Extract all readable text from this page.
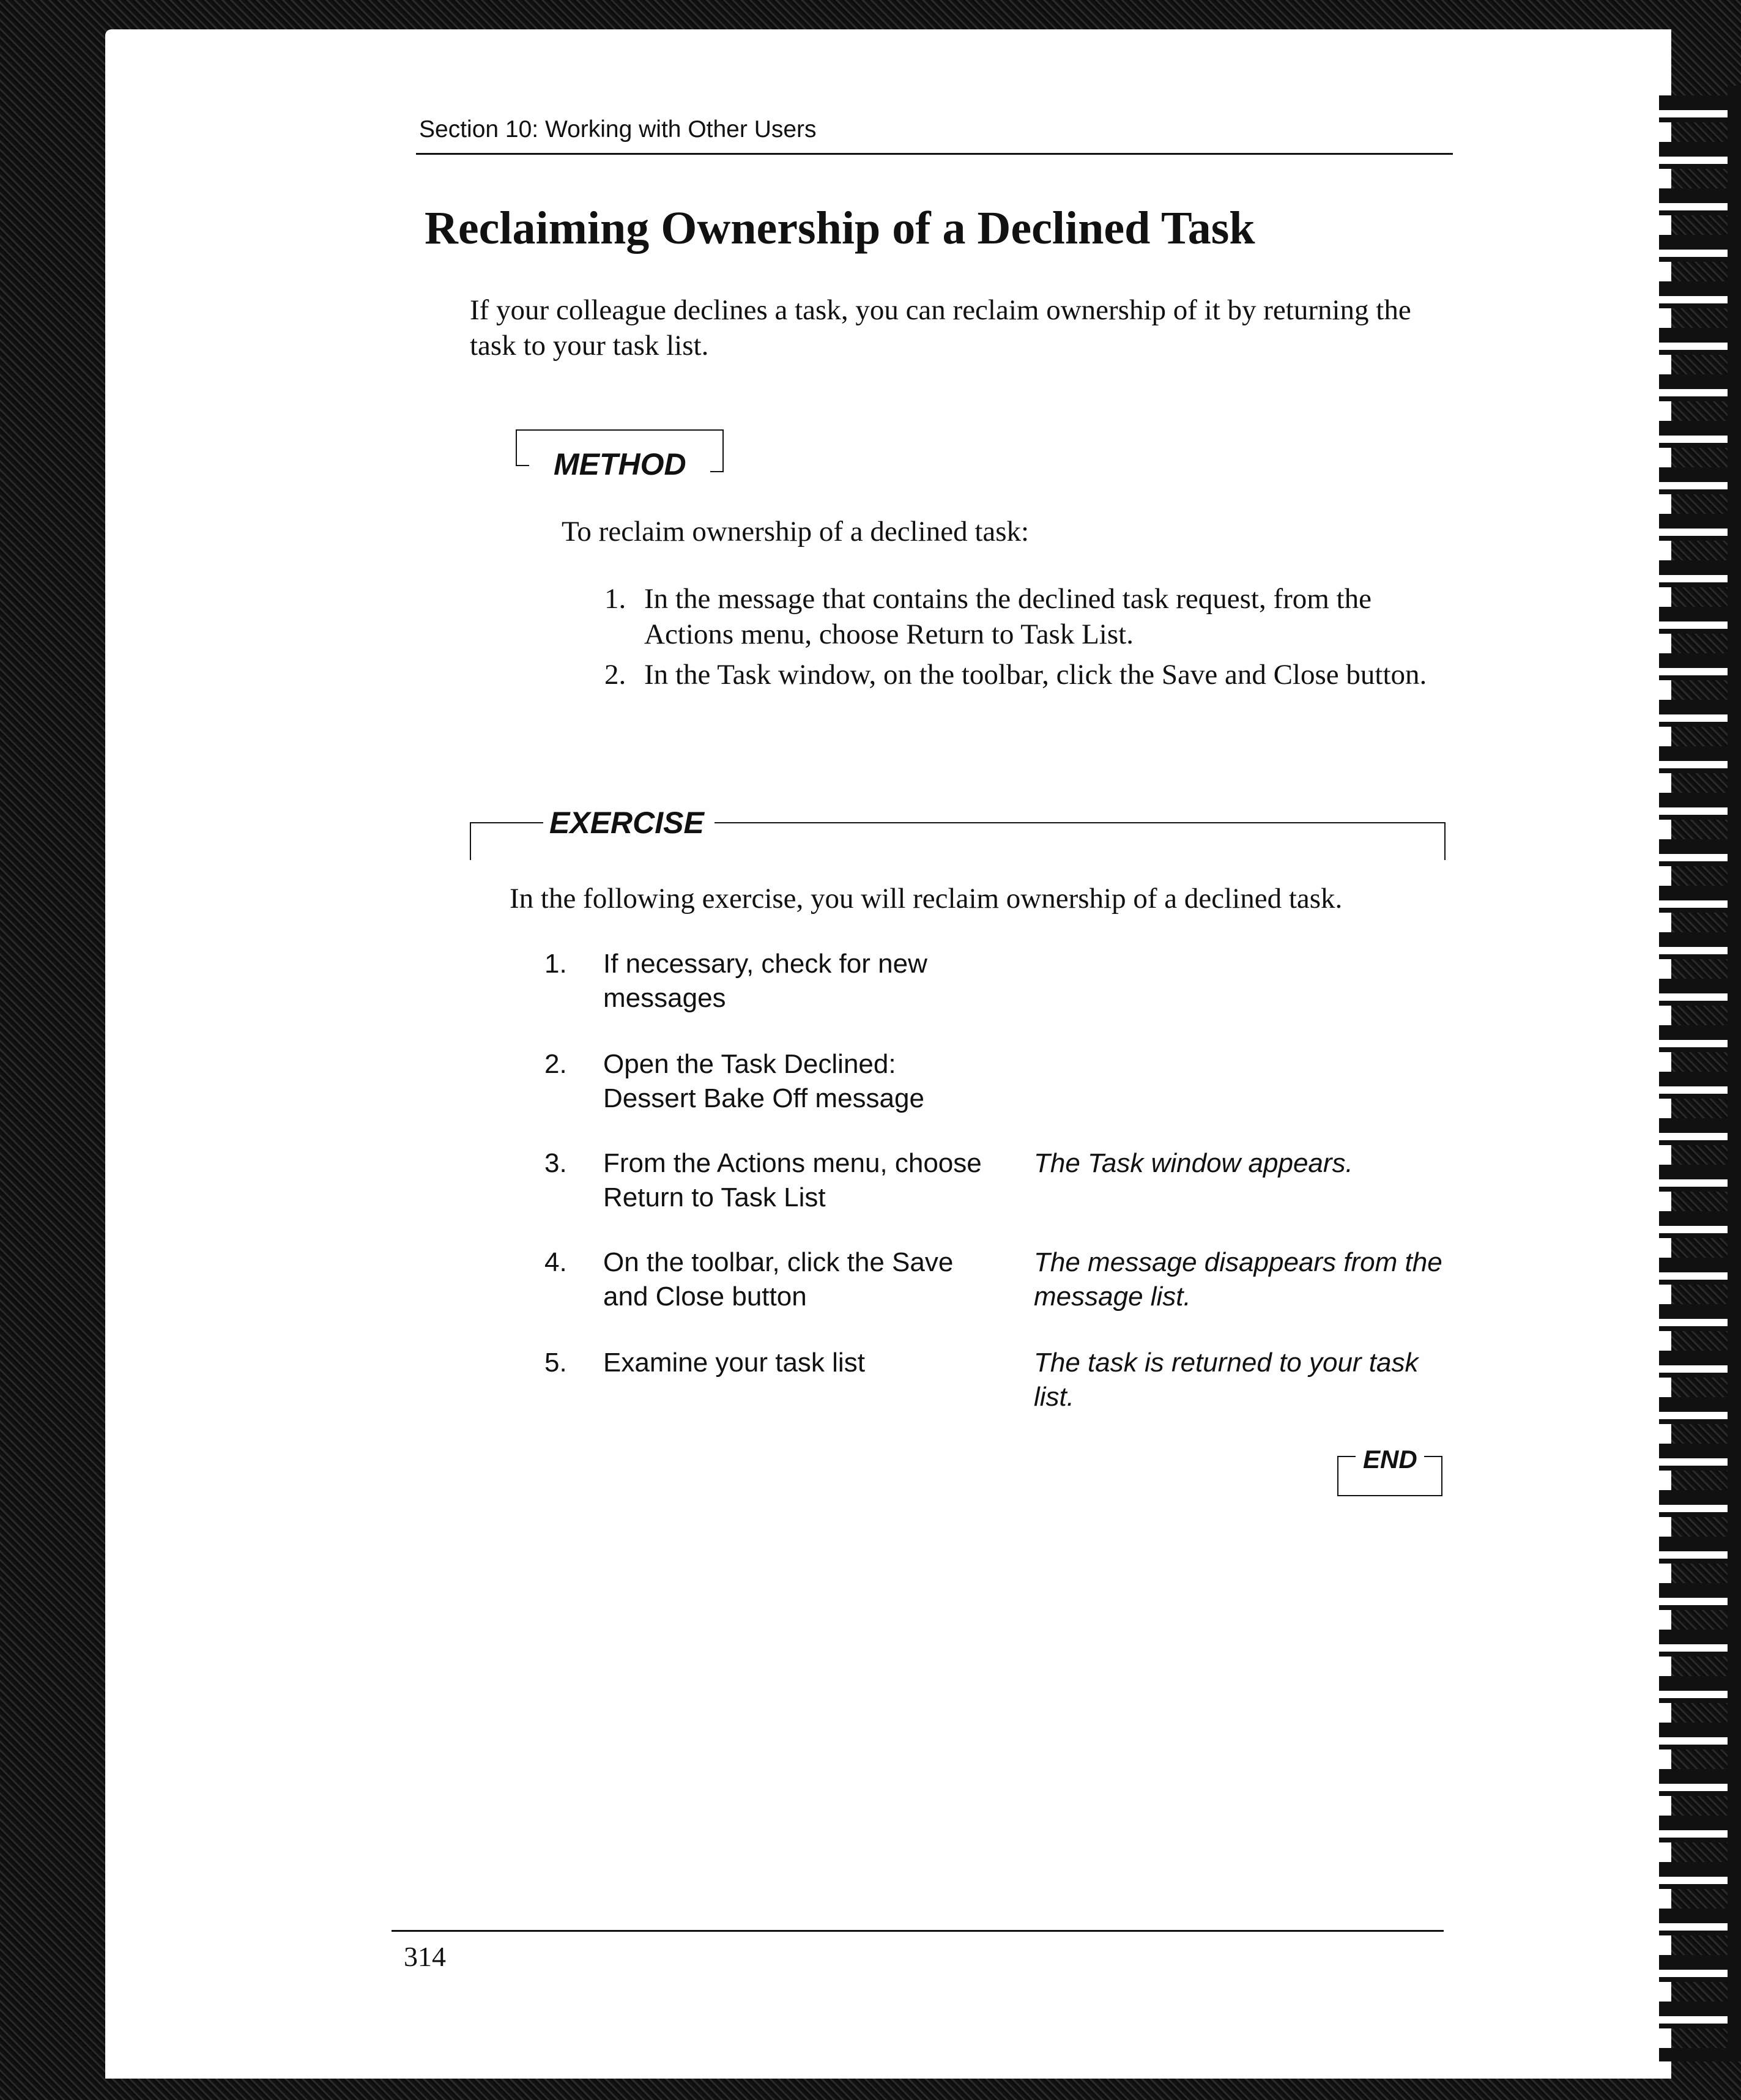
Section 10: Working with Other Users
Reclaiming Ownership of a Declined Task
If your colleague declines a task, you can reclaim ownership of it by returning the task to your task list.
METHOD
To reclaim ownership of a declined task:
1. In the message that contains the declined task request, from the Actions menu, choose Return to Task List.
2. In the Task window, on the toolbar, click the Save and Close button.
EXERCISE
In the following exercise, you will reclaim ownership of a declined task.
1. If necessary, check for new messages
2. Open the Task Declined: Dessert Bake Off message
3. From the Actions menu, choose Return to Task List
The Task window appears.
4. On the toolbar, click the Save and Close button
The message disappears from the message list.
5. Examine your task list	The task is returned to your task list.
END
314
